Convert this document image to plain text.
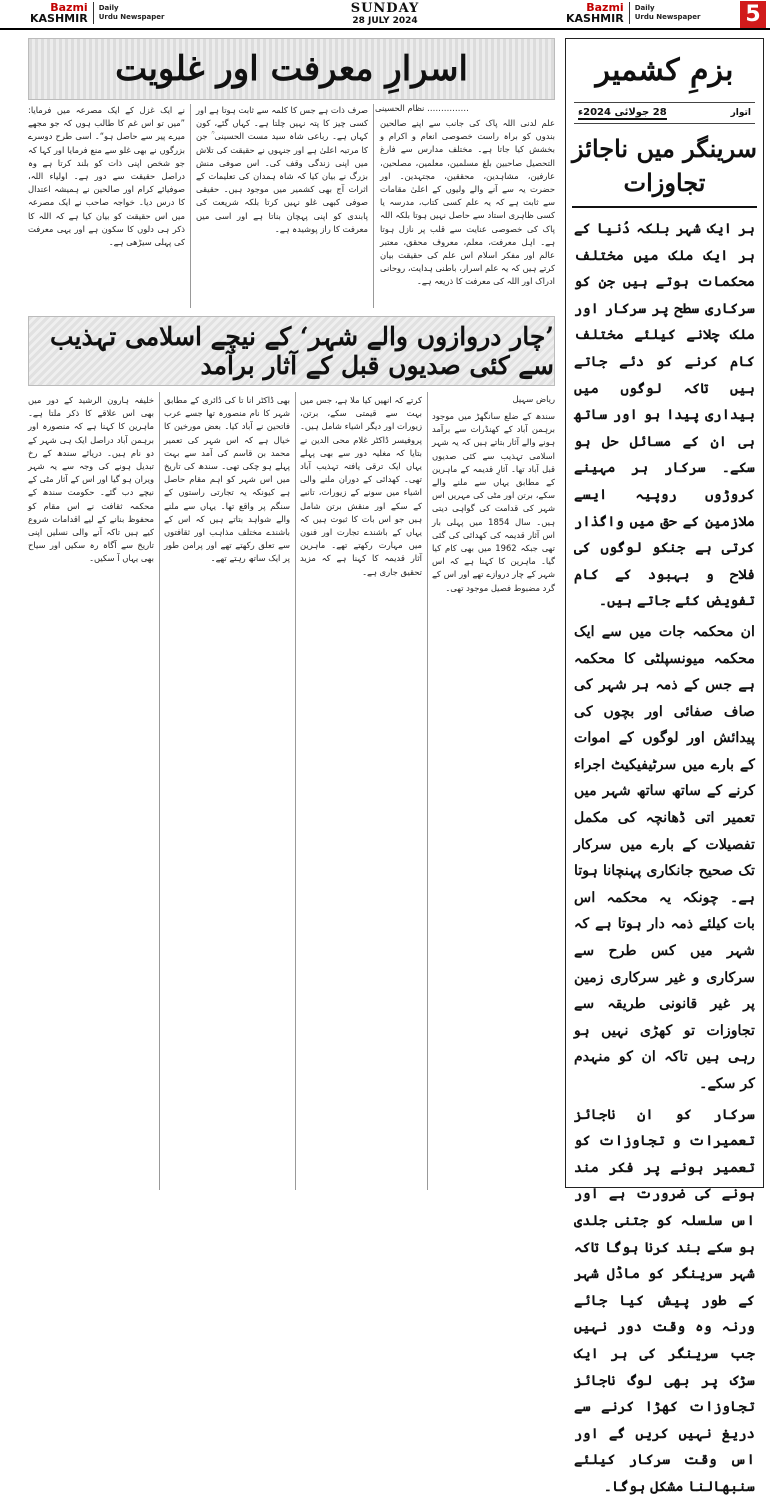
Bazmi
KASHMIR
Daily
Urdu Newspaper
SUNDAY
28 JULY 2024
Bazmi
KASHMIR
Daily
Urdu Newspaper 5
اسرارِ معرفت اور غلویت
…………… نظام الحسینی
علم لدنی اللہ پاک کی جانب سے اپنے صالحین بندوں کو براہ راست خصوصی انعام و اکرام و بخشش کیا جاتا ہے۔ مختلف مدارس سے فارغ التحصیل صاحبین بلغ مسلمین، معلمین، مصلحین، عارفین، مشاہدین، محققین، مجتہدین۔ اور حضرت یہ سے آنے والے ولیوں کے اعلیٰ مقامات سے ثابت ہے کہ یہ علم کسی کتاب، مدرسہ یا کسی ظاہری استاد سے حاصل نہیں ہوتا بلکہ اللہ پاک کی خصوصی عنایت سے قلب پر نازل ہوتا ہے۔ اہل معرفت، معلم، معروف محقق، معتبر عالم اور مفکر اسلام اس علم کی حقیقت بیان کرتے ہیں کہ یہ علم اسرار، باطنی ہدایت، روحانی ادراک اور اللہ کی معرفت کا ذریعہ ہے۔
صرف ذات ہے جس کا کلمہ سے ثابت ہوتا ہے اور کسی چیز کا پتہ نہیں چلتا ہے۔ کہاں گئے، کون کہاں ہے۔ رباعی شاہ سید مست الحسینی ؒ جن کا مرتبہ اعلیٰ ہے اور جنہوں نے حقیقت کی تلاش میں اپنی زندگی وقف کی۔ اس صوفی منش بزرگ نے بیان کیا کہ شاہ ہمدان کی تعلیمات کے اثرات آج بھی کشمیر میں موجود ہیں۔ حقیقی صوفی کبھی غلو نہیں کرتا بلکہ شریعت کی پابندی کو اپنی پہچان بناتا ہے اور اسی میں معرفت کا راز پوشیدہ ہے۔
نے ایک غزل کے ایک مصرعہ میں فرمایا: ”میں تو اس غم کا طالب ہوں کہ جو مجھے میرے پیر سے حاصل ہو“۔ اسی طرح دوسرے بزرگوں نے بھی غلو سے منع فرمایا اور کہا کہ جو شخص اپنی ذات کو بلند کرتا ہے وہ دراصل حقیقت سے دور ہے۔ اولیاء اللہ، صوفیائے کرام اور صالحین نے ہمیشہ اعتدال کا درس دیا۔ خواجہ صاحب نے ایک مصرعہ میں اس حقیقت کو بیان کیا ہے کہ اللہ کا ذکر ہی دلوں کا سکون ہے اور یہی معرفت کی پہلی سیڑھی ہے۔
’چار دروازوں والے شہر‘ کے نیچے اسلامی تہذیب سے کئی صدیوں قبل کے آثار برآمد
ریاض سہیل
سندھ کے ضلع سانگھڑ میں موجود برہمن آباد کے کھنڈرات سے برآمد ہونے والے آثار بتاتے ہیں کہ یہ شہر اسلامی تہذیب سے کئی صدیوں قبل آباد تھا۔ آثارِ قدیمہ کے ماہرین کے مطابق یہاں سے ملنے والے سکے، برتن اور مٹی کی مہریں اس شہر کی قدامت کی گواہی دیتی ہیں۔ سال 1854 میں پہلی بار اس آثار قدیمہ کی کھدائی کی گئی تھی جبکہ 1962 میں بھی کام کیا گیا۔ ماہرین کا کہنا ہے کہ اس شہر کے چار دروازے تھے اور اس کے گرد مضبوط فصیل موجود تھی۔
کرتے کہ انھیں کیا ملا ہے، جس میں بہت سے قیمتی سکے، برتن، زیورات اور دیگر اشیاء شامل ہیں۔ پروفیسر ڈاکٹر غلام محی الدین نے بتایا کہ مغلیہ دور سے بھی پہلے یہاں ایک ترقی یافتہ تہذیب آباد تھی۔ کھدائی کے دوران ملنے والی اشیاء میں سونے کے زیورات، تانبے کے سکے اور منقش برتن شامل ہیں جو اس بات کا ثبوت ہیں کہ یہاں کے باشندے تجارت اور فنون میں مہارت رکھتے تھے۔ ماہرین آثار قدیمہ کا کہنا ہے کہ مزید تحقیق جاری ہے۔
بھی ڈاکٹر انا تا کی ڈائری کے مطابق شہر کا نام منصورہ تھا جسے عرب فاتحین نے آباد کیا۔ بعض مورخین کا خیال ہے کہ اس شہر کی تعمیر محمد بن قاسم کی آمد سے بہت پہلے ہو چکی تھی۔ سندھ کی تاریخ میں اس شہر کو اہم مقام حاصل ہے کیونکہ یہ تجارتی راستوں کے سنگم پر واقع تھا۔ یہاں سے ملنے والے شواہد بتاتے ہیں کہ اس کے باشندے مختلف مذاہب اور ثقافتوں سے تعلق رکھتے تھے اور پرامن طور پر ایک ساتھ رہتے تھے۔
خلیفہ ہارون الرشید کے دور میں بھی اس علاقے کا ذکر ملتا ہے۔ ماہرین کا کہنا ہے کہ منصورہ اور برہمن آباد دراصل ایک ہی شہر کے دو نام ہیں۔ دریائے سندھ کے رخ تبدیل ہونے کی وجہ سے یہ شہر ویران ہو گیا اور اس کے آثار مٹی کے نیچے دب گئے۔ حکومت سندھ کے محکمہ ثقافت نے اس مقام کو محفوظ بنانے کے لیے اقدامات شروع کیے ہیں تاکہ آنے والی نسلیں اپنی تاریخ سے آگاہ رہ سکیں اور سیاح بھی یہاں آ سکیں۔
بزمِ کشمیر
اتوار
28 جولائی 2024ء
سرینگر میں ناجائز تجاوزات

ہر ایک شہر بلکہ دُنیا کے ہر ایک ملک میں مختلف محکمات ہوتے ہیں جن کو سرکاری سطح پر سرکار اور ملک چلانے کیلئے مختلف کام کرنے کو دئے جاتے ہیں تاکہ لوگوں میں بیداری پیدا ہو اور ساتھ ہی ان کے مسائل حل ہو سکے۔ سرکار ہر مہینے کروڑوں روپیہ ایسے ملازمین کے حق میں واگذار کرتی ہے جنکو لوگوں کی فلاح و بہبود کے کام تفویض کئے جاتے ہیں۔

ان محکمہ جات میں سے ایک محکمہ میونسپلٹی کا محکمہ ہے جس کے ذمہ ہر شہر کی صاف صفائی اور بچوں کی پیدائش اور لوگوں کے اموات کے بارے میں سرٹیفیکیٹ اجراء کرنے کے ساتھ ساتھ شہر میں تعمیر اتی ڈھانچہ کی مکمل تفصیلات کے بارے میں سرکار تک صحیح جانکاری پہنچانا ہوتا ہے۔ چونکہ یہ محکمہ اس بات کیلئے ذمہ دار ہوتا ہے کہ شہر میں کس طرح سے سرکاری و غیر سرکاری زمین پر غیر قانونی طریقہ سے تجاوزات تو کھڑی نہیں ہو رہی ہیں تاکہ ان کو منہدم کر سکے۔

سرکار کو ان ناجائز تعمیرات و تجاوزات کو تعمیر ہونے پر فکر مند ہونے کی ضرورت ہے اور اس سلسلہ کو جتنی جلدی ہو سکے بند کرنا ہوگا تاکہ شہر سرینگر کو ماڈل شہر کے طور پیش کیا جائے ورنہ وہ وقت دور نہیں جب سرینگر کی ہر ایک سڑک پر بھی لوگ ناجائز تجاوزات کھڑا کرنے سے دریغ نہیں کریں گے اور اس وقت سرکار کیلئے سنبھالنا مشکل ہوگا۔
